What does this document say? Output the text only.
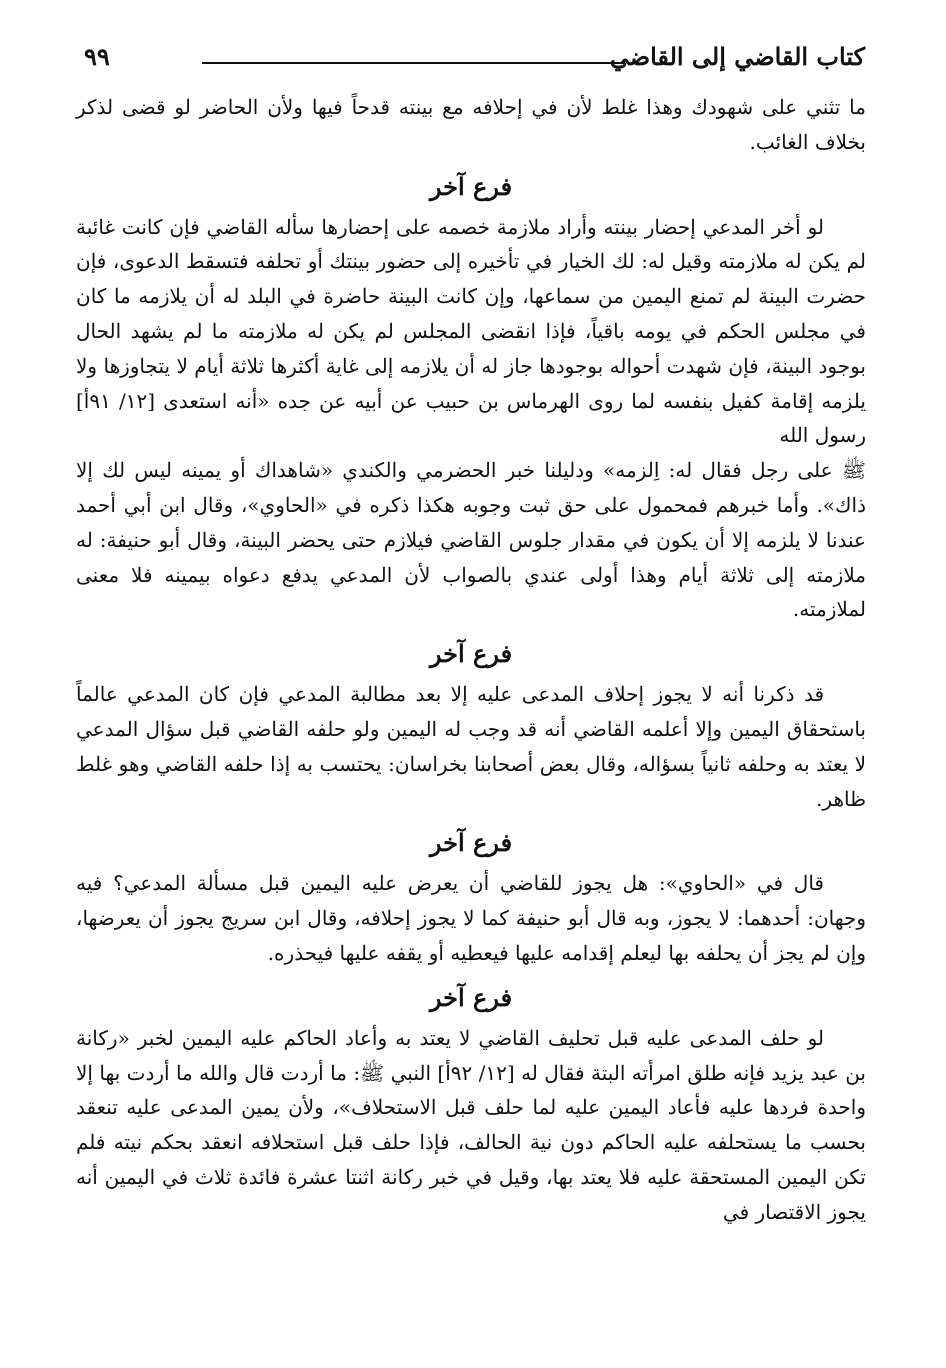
٩٩	كتاب القاضي إلى القاضي

ما تثني على شهودك وهذا غلط لأن في إحلافه مع بينته قدحاً فيها ولأن الحاضر لو قضى لذكر بخلاف الغائب.

فرع آخر

لو أخر المدعي إحضار بينته وأراد ملازمة خصمه على إحضارها سأله القاضي فإن كانت غائبة لم يكن له ملازمته وقيل له: لك الخيار في تأخيره إلى حضور بينتك أو تحلفه فتسقط الدعوى، فإن حضرت البينة لم تمنع اليمين من سماعها، وإن كانت البينة حاضرة في البلد له أن يلازمه ما كان في مجلس الحكم في يومه باقياً، فإذا انقضى المجلس لم يكن له ملازمته ما لم يشهد الحال بوجود البينة، فإن شهدت أحواله بوجودها جاز له أن يلازمه إلى غاية أكثرها ثلاثة أيام لا يتجاوزها ولا يلزمه إقامة كفيل بنفسه لما روى الهرماس بن حبيب عن أبيه عن جده «أنه استعدى [١٢/ ٩١أ] رسول الله

ﷺ على رجل فقال له: اِلزمه» ودليلنا خبر الحضرمي والكندي «شاهداك أو يمينه ليس لك إلا ذاك». وأما خبرهم فمحمول على حق ثبت وجوبه هكذا ذكره في «الحاوي»، وقال ابن أبي أحمد عندنا لا يلزمه إلا أن يكون في مقدار جلوس القاضي فيلازم حتى يحضر البينة، وقال أبو حنيفة: له ملازمته إلى ثلاثة أيام وهذا أولى عندي بالصواب لأن المدعي يدفع دعواه بيمينه فلا معنى لملازمته.

فرع آخر

قد ذكرنا أنه لا يجوز إحلاف المدعى عليه إلا بعد مطالبة المدعي فإن كان المدعي عالماً باستحقاق اليمين وإلا أعلمه القاضي أنه قد وجب له اليمين ولو حلفه القاضي قبل سؤال المدعي لا يعتد به وحلفه ثانياً بسؤاله، وقال بعض أصحابنا بخراسان: يحتسب به إذا حلفه القاضي وهو غلط ظاهر.

فرع آخر

قال في «الحاوي»: هل يجوز للقاضي أن يعرض عليه اليمين قبل مسألة المدعي؟ فيه وجهان: أحدهما: لا يجوز، وبه قال أبو حنيفة كما لا يجوز إحلافه، وقال ابن سريج يجوز أن يعرضها، وإن لم يجز أن يحلفه بها ليعلم إقدامه عليها فيعطيه أو يقفه عليها فيحذره.

فرع آخر

لو حلف المدعى عليه قبل تحليف القاضي لا يعتد به وأعاد الحاكم عليه اليمين لخبر «ركانة بن عبد يزيد فإنه طلق امرأته البتة فقال له [١٢/ ٩٢أ] النبي ﷺ: ما أردت قال والله ما أردت بها إلا واحدة فردها عليه فأعاد اليمين عليه لما حلف قبل الاستحلاف»، ولأن يمين المدعى عليه تنعقد بحسب ما يستحلفه عليه الحاكم دون نية الحالف، فإذا حلف قبل استحلافه انعقد بحكم نيته فلم تكن اليمين المستحقة عليه فلا يعتد بها، وقيل في خبر ركانة اثنتا عشرة فائدة ثلاث في اليمين أنه يجوز الاقتصار في
